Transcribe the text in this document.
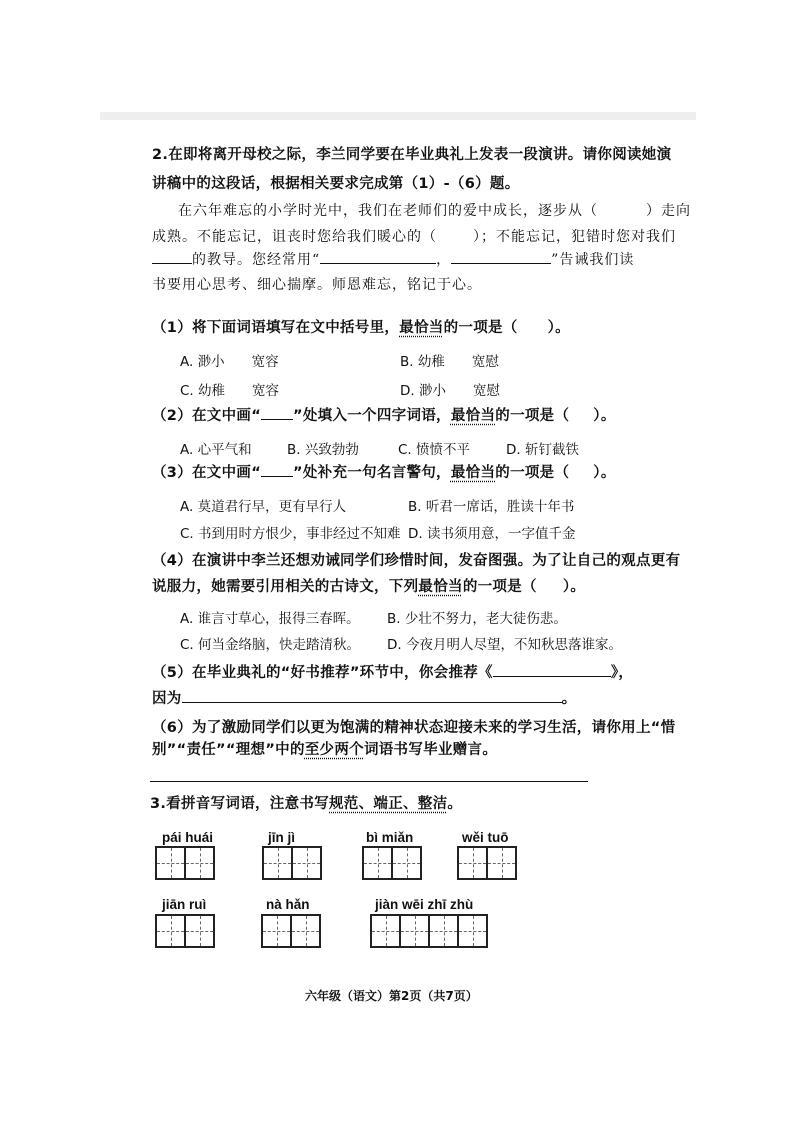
2.在即将离开母校之际，李兰同学要在毕业典礼上发表一段演讲。请你阅读她演
讲稿中的这段话，根据相关要求完成第（1）-（6）题。
在六年难忘的小学时光中，我们在老师们的爱中成长，逐步从（	）走向
成熟。不能忘记，诅丧时您给我们暖心的（	）；不能忘记，犯错时您对我们
的教导。您经常用“	，	”告诫我们读
书要用心思考、细心揣摩。师恩难忘，铭记于心。
（1）将下面词语填写在文中括号里，最恰当的一项是（ ）。
A. 渺小　　宽容	B. 幼稚　　宽慰
C. 幼稚　　宽容	D. 渺小　　宽慰
（2）在文中画“ ”处填入一个四字词语，最恰当的一项是（ ）。
A. 心平气和	B. 兴致勃勃	C. 愤愤不平	D. 斩钉截铁
（3）在文中画“ ”处补充一句名言警句，最恰当的一项是（ ）。
A. 莫道君行早，更有早行人	B. 听君一席话，胜读十年书
C. 书到用时方恨少，事非经过不知难 D. 读书须用意，一字值千金
（4）在演讲中李兰还想劝诫同学们珍惜时间，发奋图强。为了让自己的观点更有
说服力，她需要引用相关的古诗文，下列最恰当的一项是（ ）。
A. 谁言寸草心，报得三春晖。 B. 少壮不努力，老大徒伤悲。
C. 何当金络脑，快走踏清秋。 D. 今夜月明人尽望，不知秋思落谁家。
（5）在毕业典礼的“好书推荐”环节中，你会推荐《	》，
因为	。
（6）为了激励同学们以更为饱满的精神状态迎接未来的学习生活，请你用上“惜
别”“责任”“理想”中的至少两个词语书写毕业赠言。
3.看拼音写词语，注意书写规范、端正、整洁。
pái huái	jīn jì	bì miǎn	wěi tuō
jiān ruì	nà hǎn	jiàn wēi zhī zhù
六年级（语文）第2页（共7页）
